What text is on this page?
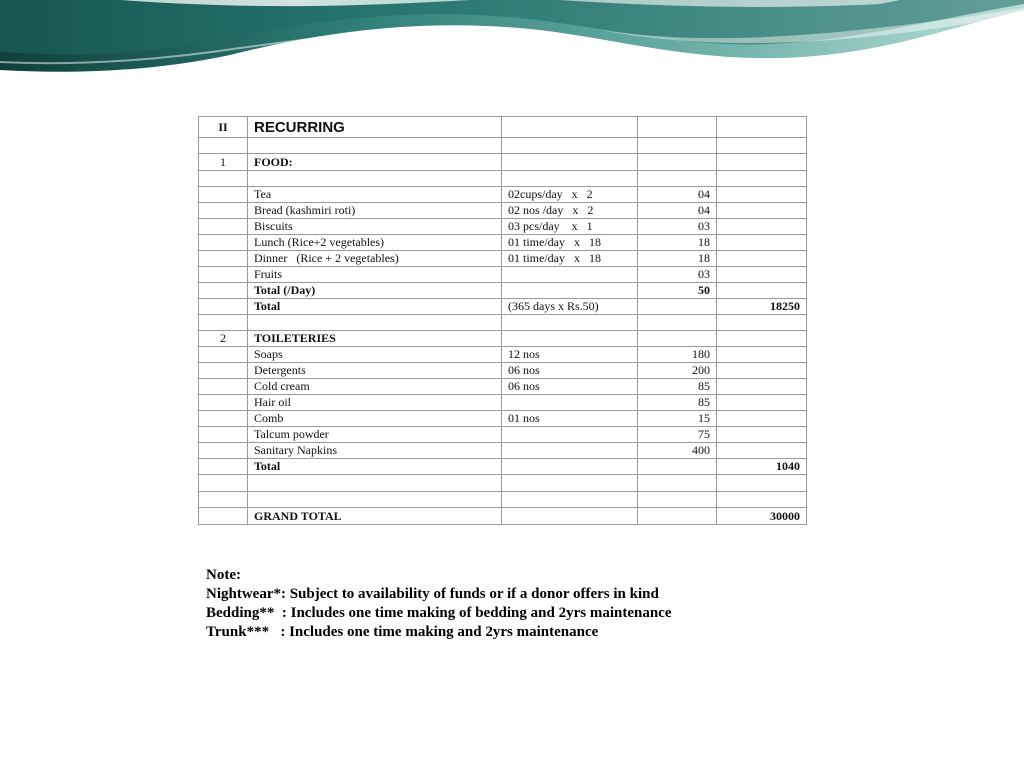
II	RECURRING			

1	FOOD:			

	Tea	02cups/day   x   2	04	
	Bread (kashmiri roti)	02 nos /day   x   2	04	
	Biscuits	03 pcs/day    x   1	03	
	Lunch (Rice+2 vegetables)	01 time/day   x   18	18	
	Dinner   (Rice + 2 vegetables)	01 time/day   x   18	18	
	Fruits		03	
	Total (/Day)		50	
	Total	(365 days x Rs.50)		18250

2	TOILETERIES			
	Soaps	12 nos	180	
	Detergents	06 nos	200	
	Cold cream	06 nos	85	
	Hair oil		85	
	Comb	01 nos	15	
	Talcum powder		75	
	Sanitary Napkins		400	
	Total			1040

	GRAND TOTAL			30000
Note:
Nightwear*: Subject to availability of funds or if a donor offers in kind
Bedding**  : Includes one time making of bedding and 2yrs maintenance
Trunk***   : Includes one time making and 2yrs maintenance
